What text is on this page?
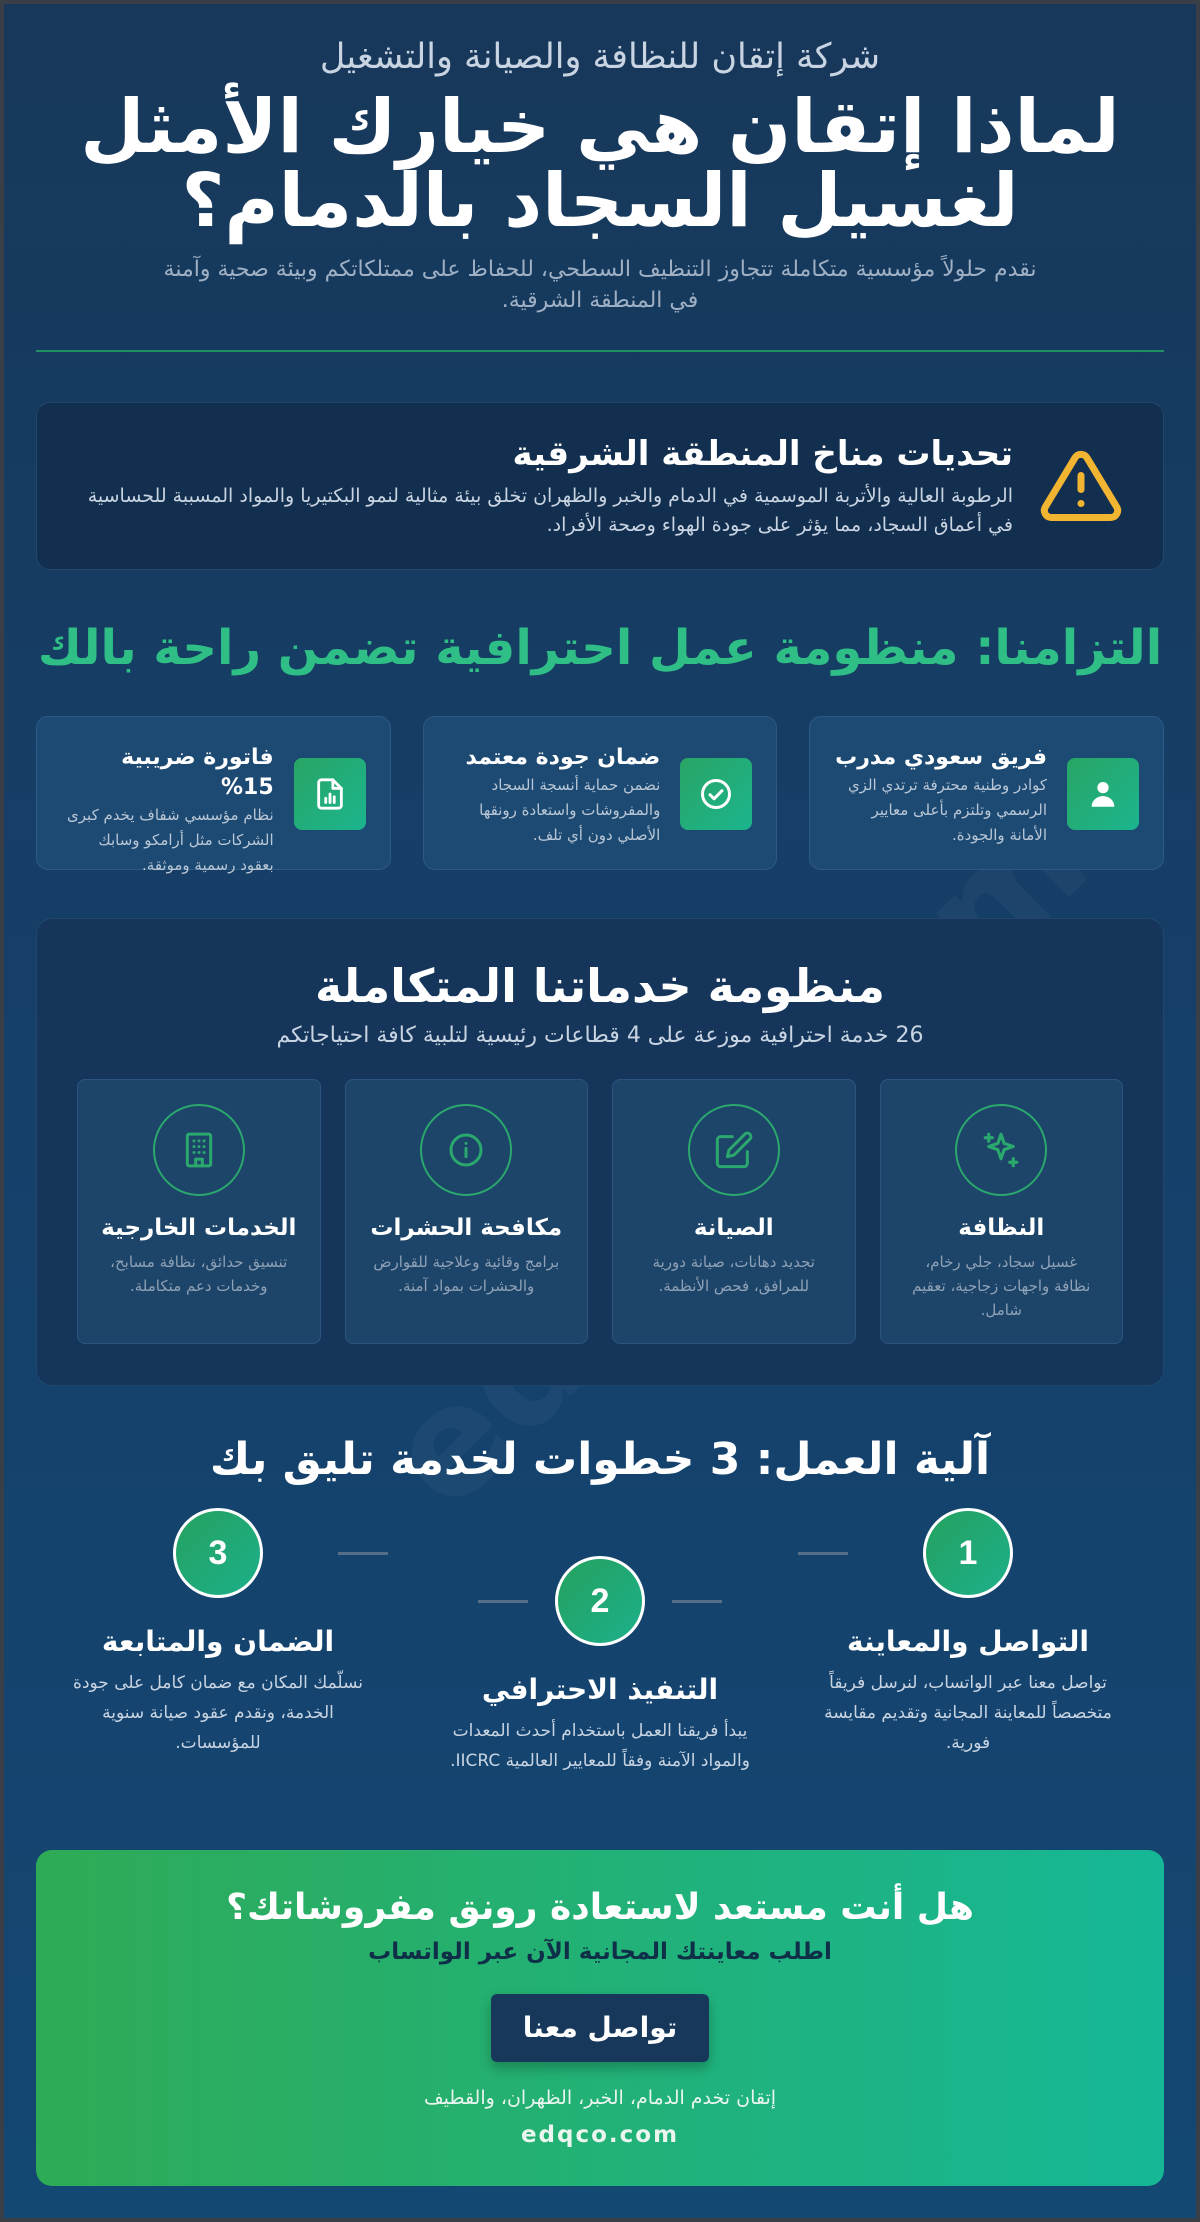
شركة إتقان للنظافة والصيانة والتشغيل
لماذا إتقان هي خيارك الأمثل لغسيل السجاد بالدمام؟

نقدم حلولاً مؤسسية متكاملة تتجاوز التنظيف السطحي، للحفاظ على ممتلكاتكم وبيئة صحية وآمنة في المنطقة الشرقية.

تحديات مناخ المنطقة الشرقية

الرطوبة العالية والأتربة الموسمية في الدمام والخبر والظهران تخلق بيئة مثالية لنمو البكتيريا والمواد المسببة للحساسية في أعماق السجاد، مما يؤثر على جودة الهواء وصحة الأفراد.

التزامنا: منظومة عمل احترافية تضمن راحة بالك
فريق سعودي مدرب

كوادر وطنية محترفة ترتدي الزي الرسمي وتلتزم بأعلى معايير الأمانة والجودة.

ضمان جودة معتمد

نضمن حماية أنسجة السجاد والمفروشات واستعادة رونقها الأصلي دون أي تلف.

فاتورة ضريبية 15%

نظام مؤسسي شفاف يخدم كبرى الشركات مثل أرامكو وسابك بعقود رسمية وموثقة.

منظومة خدماتنا المتكاملة

26 خدمة احترافية موزعة على 4 قطاعات رئيسية لتلبية كافة احتياجاتكم

النظافة

غسيل سجاد، جلي رخام، نظافة واجهات زجاجية، تعقيم شامل.

الصيانة

تجديد دهانات، صيانة دورية للمرافق، فحص الأنظمة.

مكافحة الحشرات

برامج وقائية وعلاجية للقوارض والحشرات بمواد آمنة.

الخدمات الخارجية

تنسيق حدائق، نظافة مسابح، وخدمات دعم متكاملة.

آلية العمل: 3 خطوات لخدمة تليق بك
1
التواصل والمعاينة

تواصل معنا عبر الواتساب، لنرسل فريقاً متخصصاً للمعاينة المجانية وتقديم مقايسة فورية.

2
التنفيذ الاحترافي

يبدأ فريقنا العمل باستخدام أحدث المعدات والمواد الآمنة وفقاً للمعايير العالمية IICRC.

3
الضمان والمتابعة

نسلّمك المكان مع ضمان كامل على جودة الخدمة، ونقدم عقود صيانة سنوية للمؤسسات.

هل أنت مستعد لاستعادة رونق مفروشاتك؟

اطلب معاينتك المجانية الآن عبر الواتساب

تواصل معنا

إتقان تخدم الدمام، الخبر، الظهران، والقطيف

edqco.com
